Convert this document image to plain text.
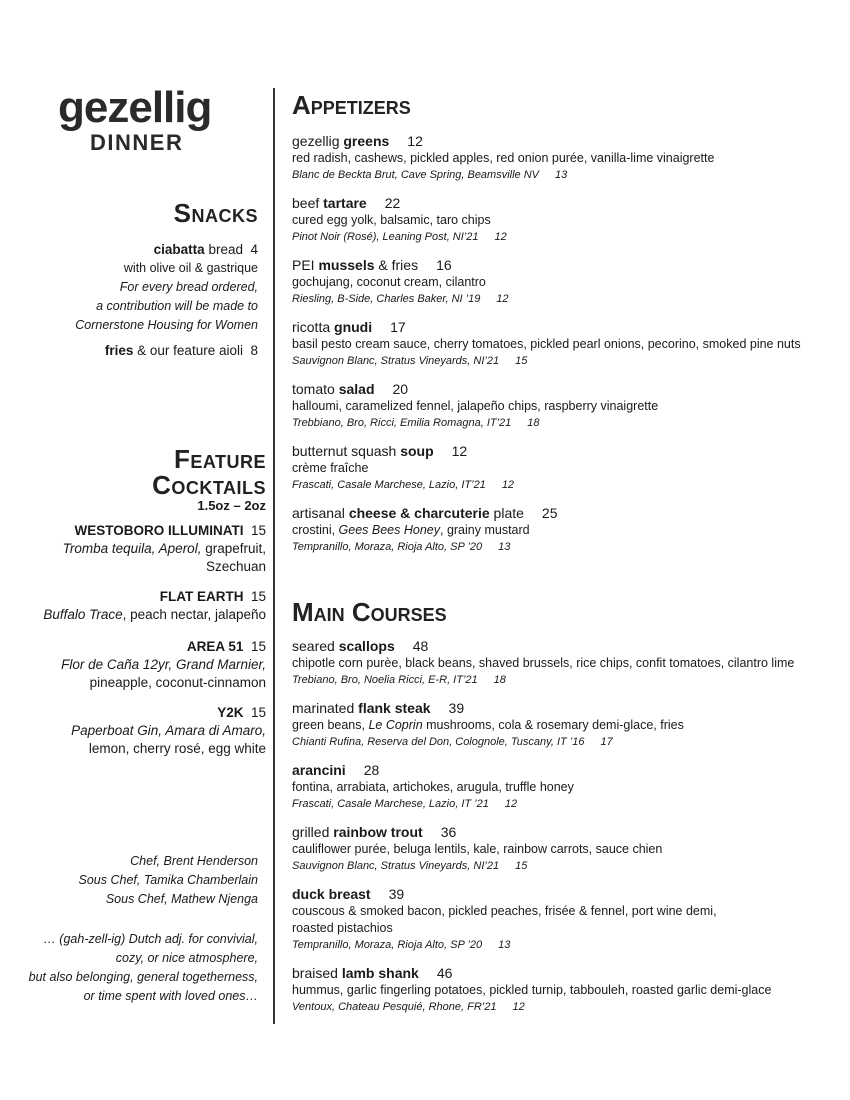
gezellig
DINNER
Snacks
ciabatta bread 4
with olive oil & gastrique
For every bread ordered,
a contribution will be made to
Cornerstone Housing for Women
fries & our feature aioli 8
Feature
Cocktails
1.5oz – 2oz
WESTOBORO ILLUMINATI 15
Tromba tequila, Aperol, grapefruit,
Szechuan
FLAT EARTH 15
Buffalo Trace, peach nectar, jalapeño
AREA 51 15
Flor de Caña 12yr, Grand Marnier,
pineapple, coconut-cinnamon
Y2K 15
Paperboat Gin, Amara di Amaro,
lemon, cherry rosé, egg white
Chef, Brent Henderson
Sous Chef, Tamika Chamberlain
Sous Chef, Mathew Njenga
… (gah-zell-ig) Dutch adj. for convivial,
cozy, or nice atmosphere,
but also belonging, general togetherness,
or time spent with loved ones…
Appetizers
gezellig greens 12
red radish, cashews, pickled apples, red onion purée, vanilla-lime vinaigrette
Blanc de Beckta Brut, Cave Spring, Beamsville NV 13
beef tartare 22
cured egg yolk, balsamic, taro chips
Pinot Noir (Rosé), Leaning Post, NI’21 12
PEI mussels & fries 16
gochujang, coconut cream, cilantro
Riesling, B-Side, Charles Baker, NI ’19 12
ricotta gnudi 17
basil pesto cream sauce, cherry tomatoes, pickled pearl onions, pecorino, smoked pine nuts
Sauvignon Blanc, Stratus Vineyards, NI’21 15
tomato salad 20
halloumi, caramelized fennel, jalapeño chips, raspberry vinaigrette
Trebbiano, Bro, Ricci, Emilia Romagna, IT’21 18
butternut squash soup 12
crème fraîche
Frascati, Casale Marchese, Lazio, IT’21 12
artisanal cheese & charcuterie plate 25
crostini, Gees Bees Honey, grainy mustard
Tempranillo, Moraza, Rioja Alto, SP ’20 13
Main Courses
seared scallops 48
chipotle corn purèe, black beans, shaved brussels, rice chips, confit tomatoes, cilantro lime
Trebiano, Bro, Noelia Ricci, E-R, IT’21 18
marinated flank steak 39
green beans, Le Coprin mushrooms, cola & rosemary demi-glace, fries
Chianti Rufina, Reserva del Don, Colognole, Tuscany, IT ’16 17
arancini 28
fontina, arrabiata, artichokes, arugula, truffle honey
Frascati, Casale Marchese, Lazio, IT ’21 12
grilled rainbow trout 36
cauliflower purée, beluga lentils, kale, rainbow carrots, sauce chien
Sauvignon Blanc, Stratus Vineyards, NI’21 15
duck breast 39
couscous & smoked bacon, pickled peaches, frisée & fennel, port wine demi,
roasted pistachios
Tempranillo, Moraza, Rioja Alto, SP ’20 13
braised lamb shank 46
hummus, garlic fingerling potatoes, pickled turnip, tabbouleh, roasted garlic demi-glace
Ventoux, Chateau Pesquié, Rhone, FR’21 12
